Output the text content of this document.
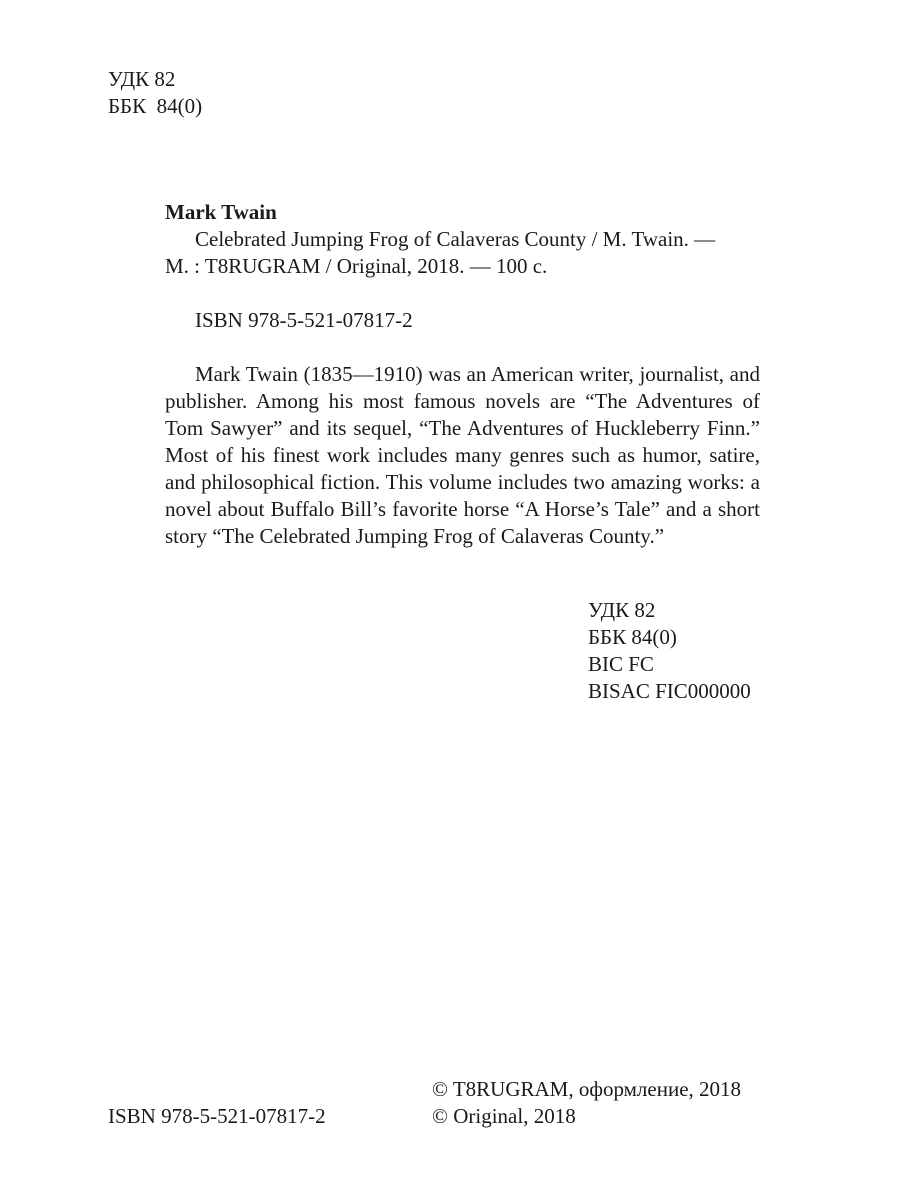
УДК 82
ББК  84(0)
Mark Twain
Celebrated Jumping Frog of Calaveras County / M. Twain. —
M. : T8RUGRAM / Original, 2018. — 100 c.
ISBN 978-5-521-07817-2
Mark Twain (1835—1910) was an American writer, journalist, and publisher. Among his most famous novels are “The Adventures of Tom Sawyer” and its sequel, “The Adventures of Huckleberry Finn.” Most of his finest work includes many genres such as humor, satire, and philosophical fiction. This volume includes two amazing works: a novel about Buffalo Bill’s favorite horse “A Horse’s Tale” and a short story “The Celebrated Jumping Frog of Calaveras County.”
УДК 82
ББК 84(0)
BIC FC
BISAC FIC000000
ISBN 978-5-521-07817-2
© T8RUGRAM, оформление, 2018
© Original, 2018
